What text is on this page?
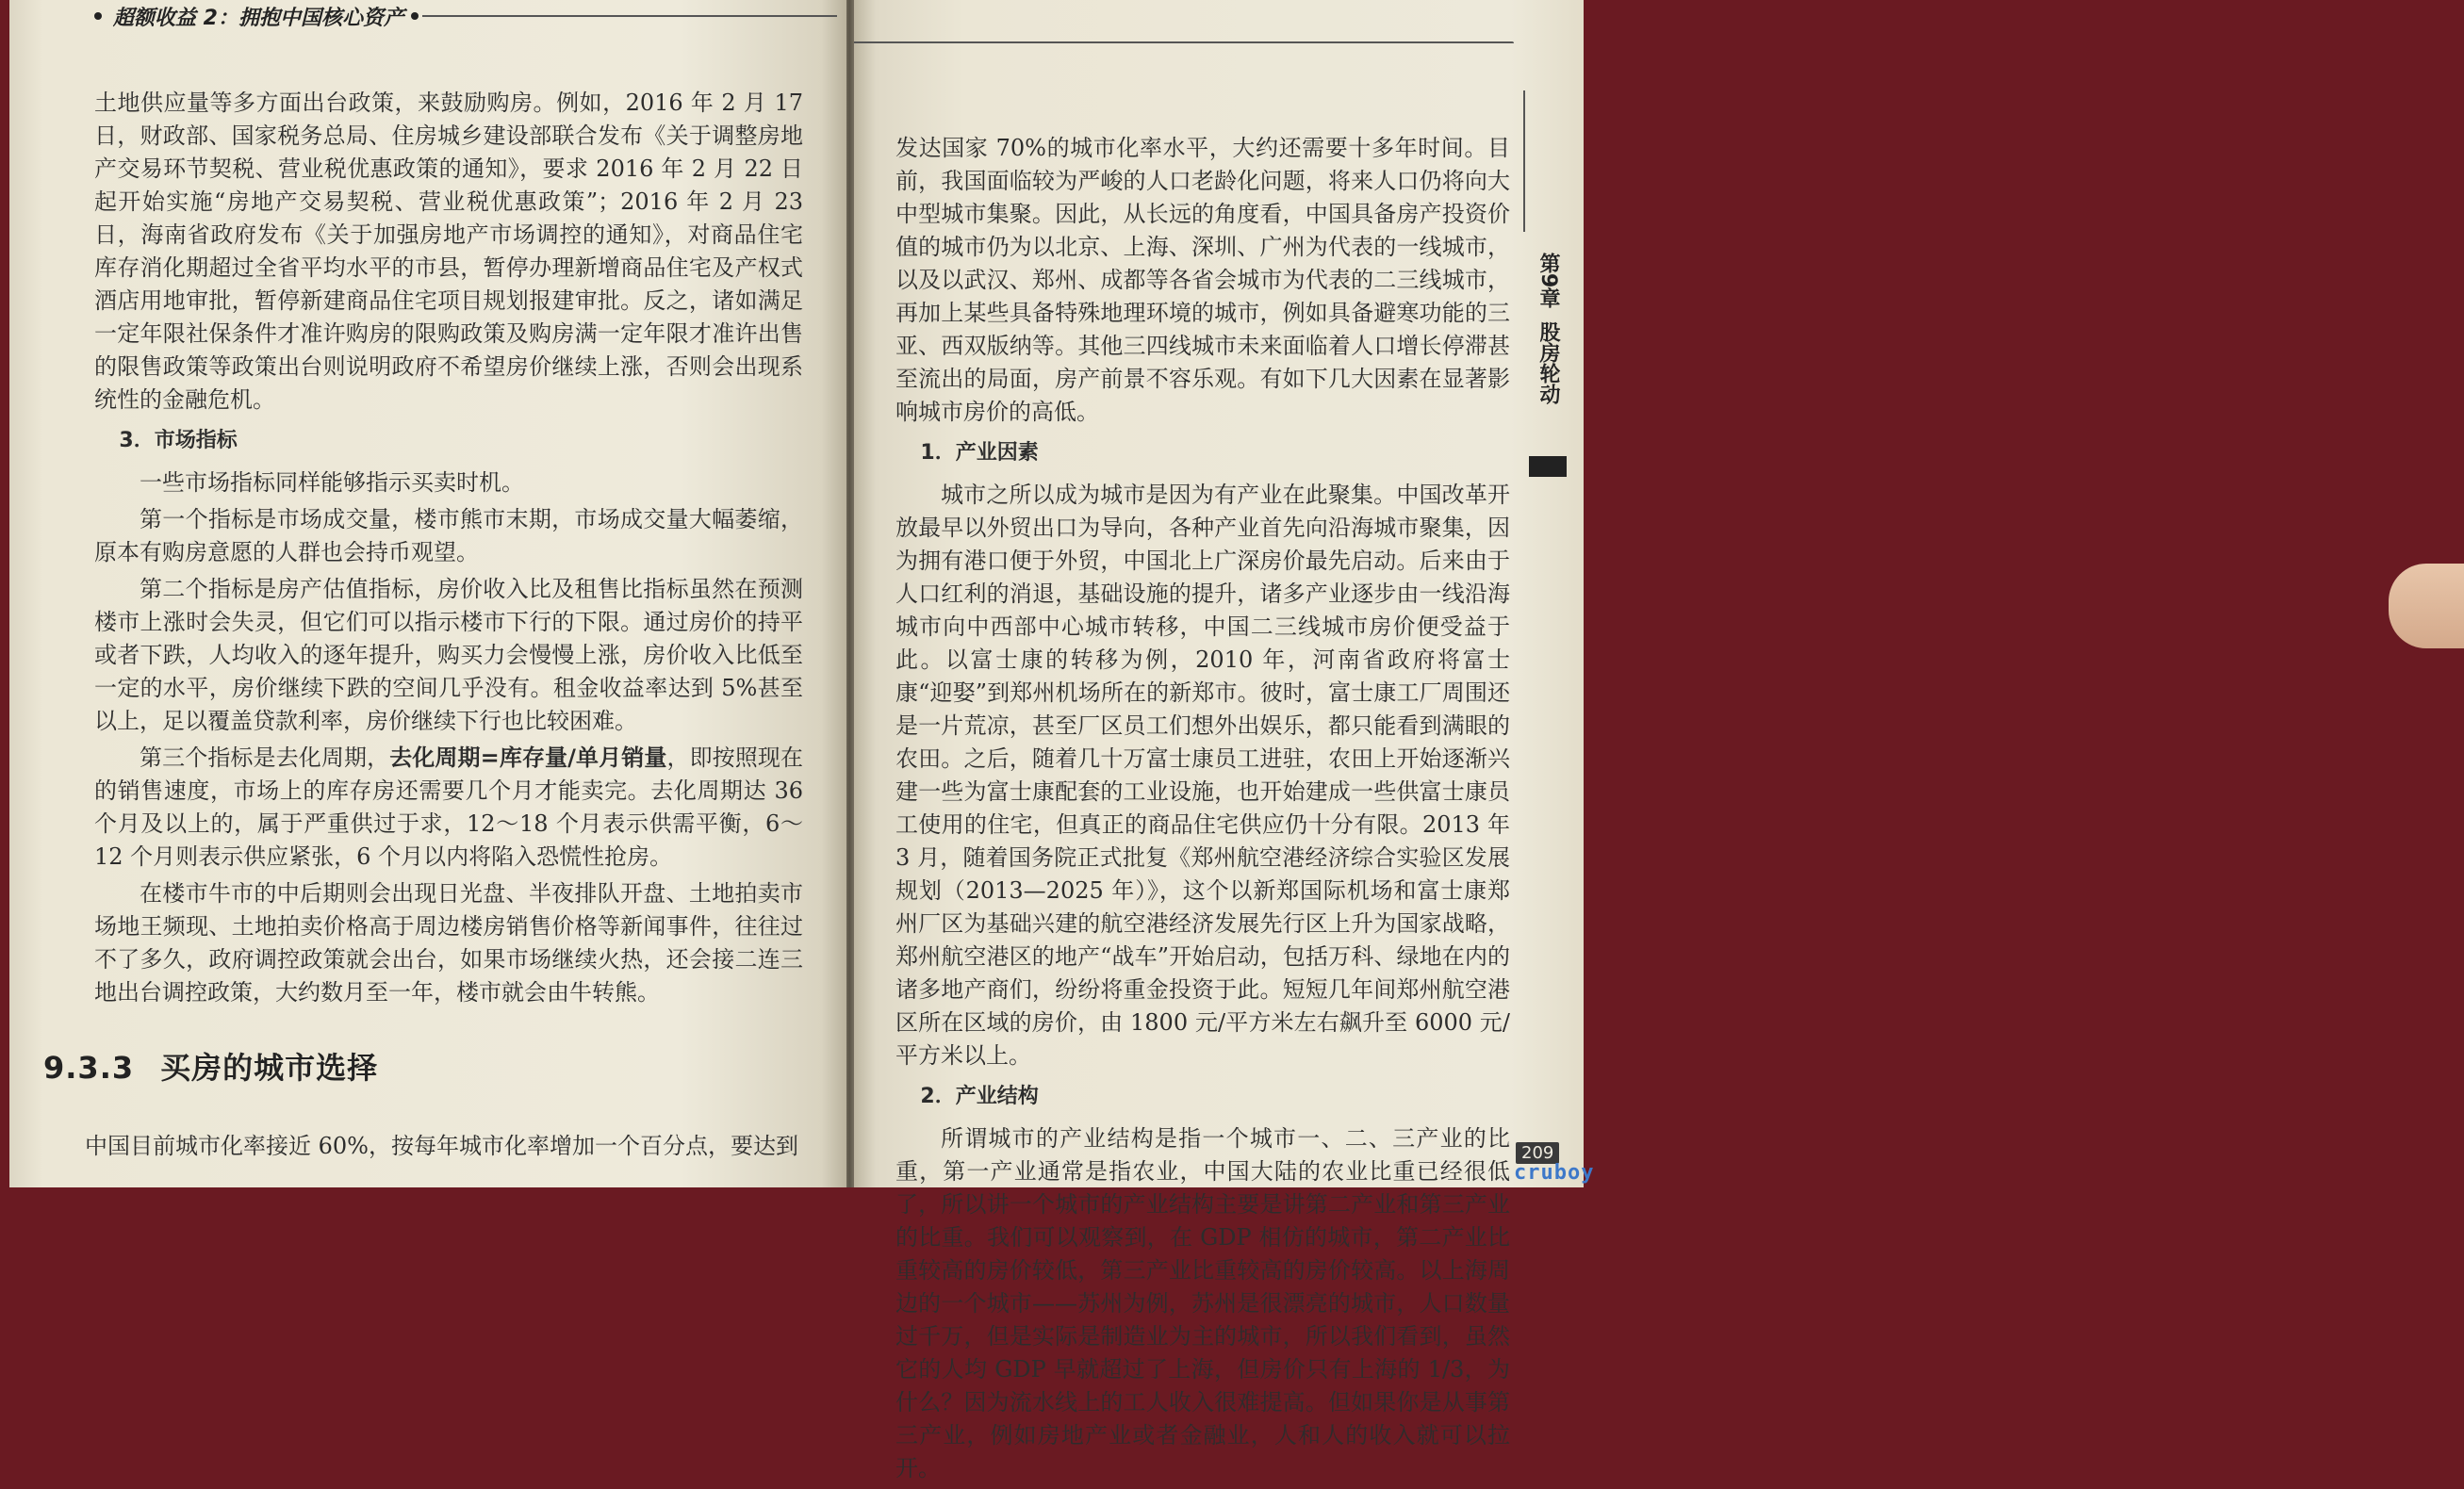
超额收益 2：拥抱中国核心资产

土地供应量等多方面出台政策，来鼓励购房。例如，2016 年 2 月 17 日，财政部、国家税务总局、住房城乡建设部联合发布《关于调整房地产交易环节契税、营业税优惠政策的通知》，要求 2016 年 2 月 22 日起开始实施“房地产交易契税、营业税优惠政策”；2016 年 2 月 23 日，海南省政府发布《关于加强房地产市场调控的通知》，对商品住宅库存消化期超过全省平均水平的市县，暂停办理新增商品住宅及产权式酒店用地审批，暂停新建商品住宅项目规划报建审批。反之，诸如满足一定年限社保条件才准许购房的限购政策及购房满一定年限才准许出售的限售政策等政策出台则说明政府不希望房价继续上涨，否则会出现系统性的金融危机。

3．市场指标

一些市场指标同样能够指示买卖时机。

第一个指标是市场成交量，楼市熊市末期，市场成交量大幅萎缩，原本有购房意愿的人群也会持币观望。

第二个指标是房产估值指标，房价收入比及租售比指标虽然在预测楼市上涨时会失灵，但它们可以指示楼市下行的下限。通过房价的持平或者下跌，人均收入的逐年提升，购买力会慢慢上涨，房价收入比低至一定的水平，房价继续下跌的空间几乎没有。租金收益率达到 5%甚至以上，足以覆盖贷款利率，房价继续下行也比较困难。

第三个指标是去化周期，去化周期=库存量/单月销量，即按照现在的销售速度，市场上的库存房还需要几个月才能卖完。去化周期达 36 个月及以上的，属于严重供过于求，12～18 个月表示供需平衡，6～12 个月则表示供应紧张，6 个月以内将陷入恐慌性抢房。

在楼市牛市的中后期则会出现日光盘、半夜排队开盘、土地拍卖市场地王频现、土地拍卖价格高于周边楼房销售价格等新闻事件，往往过不了多久，政府调控政策就会出台，如果市场继续火热，还会接二连三地出台调控政策，大约数月至一年，楼市就会由牛转熊。

9.3.3 买房的城市选择
中国目前城市化率接近 60%，按每年城市化率增加一个百分点，要达到

发达国家 70%的城市化率水平，大约还需要十多年时间。目前，我国面临较为严峻的人口老龄化问题，将来人口仍将向大中型城市集聚。因此，从长远的角度看，中国具备房产投资价值的城市仍为以北京、上海、深圳、广州为代表的一线城市，以及以武汉、郑州、成都等各省会城市为代表的二三线城市，再加上某些具备特殊地理环境的城市，例如具备避寒功能的三亚、西双版纳等。其他三四线城市未来面临着人口增长停滞甚至流出的局面，房产前景不容乐观。有如下几大因素在显著影响城市房价的高低。

1．产业因素

城市之所以成为城市是因为有产业在此聚集。中国改革开放最早以外贸出口为导向，各种产业首先向沿海城市聚集，因为拥有港口便于外贸，中国北上广深房价最先启动。后来由于人口红利的消退，基础设施的提升，诸多产业逐步由一线沿海城市向中西部中心城市转移，中国二三线城市房价便受益于此。以富士康的转移为例，2010 年，河南省政府将富士康“迎娶”到郑州机场所在的新郑市。彼时，富士康工厂周围还是一片荒凉，甚至厂区员工们想外出娱乐，都只能看到满眼的农田。之后，随着几十万富士康员工进驻，农田上开始逐渐兴建一些为富士康配套的工业设施，也开始建成一些供富士康员工使用的住宅，但真正的商品住宅供应仍十分有限。2013 年 3 月，随着国务院正式批复《郑州航空港经济综合实验区发展规划（2013—2025 年）》，这个以新郑国际机场和富士康郑州厂区为基础兴建的航空港经济发展先行区上升为国家战略，郑州航空港区的地产“战车”开始启动，包括万科、绿地在内的诸多地产商们，纷纷将重金投资于此。短短几年间郑州航空港区所在区域的房价，由 1800 元/平方米左右飙升至 6000 元/平方米以上。

2．产业结构

所谓城市的产业结构是指一个城市一、二、三产业的比重，第一产业通常是指农业，中国大陆的农业比重已经很低了，所以讲一个城市的产业结构主要是讲第二产业和第三产业的比重。我们可以观察到，在 GDP 相仿的城市，第二产业比重较高的房价较低，第三产业比重较高的房价较高。以上海周边的一个城市——苏州为例，苏州是很漂亮的城市，人口数量过千万，但是实际是制造业为主的城市，所以我们看到，虽然它的人均 GDP 早就超过了上海，但房价只有上海的 1/3，为什么？因为流水线上的工人收入很难提高。但如果你是从事第三产业，例如房地产业或者金融业，人和人的收入就可以拉开。

第9章
股房轮动
209
cruboy
